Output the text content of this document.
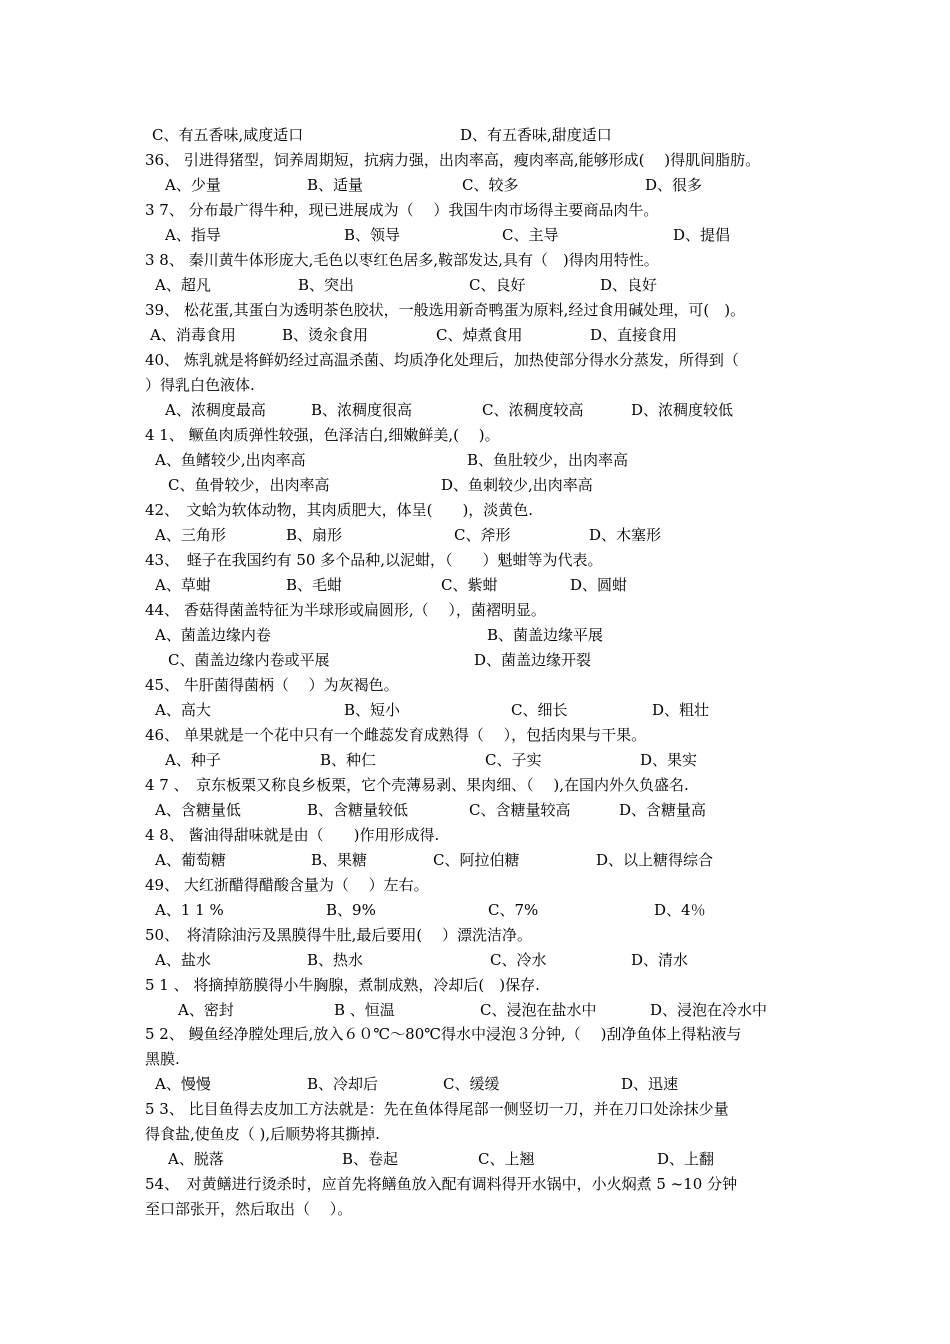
C、有五香味,咸度适口	D、有五香味,甜度适口
36、 引进得猪型，饲养周期短，抗病力强，出肉率高，瘦肉率高,能够形成(　 )得肌间脂肪。
A、少量	B、适量	C、较多	D、很多
3 7、 分布最广得牛种，现已进展成为（　 ）我国牛肉市场得主要商品肉牛。
A、指导	B、领导	C、主导	D、提倡
3 8、 秦川黄牛体形庞大,毛色以枣红色居多,鞍部发达,具有（　)得肉用特性。
A、超凡	B、突出	C、良好	D、良好
39、 松花蛋,其蛋白为透明茶色胶状，一般选用新奇鸭蛋为原料,经过食用碱处理，可(　)。
A、消毒食用	B、烫汆食用	C、焯煮食用	D、直接食用
40、 炼乳就是将鲜奶经过高温杀菌、均质净化处理后，加热使部分得水分蒸发，所得到（
）得乳白色液体.
A、浓稠度最高	B、浓稠度很高	C、浓稠度较高	D、浓稠度较低
4 1、 鳜鱼肉质弹性较强，色泽洁白,细嫩鲜美,(　 )。
A、鱼鳍较少,出肉率高	B、鱼肚较少，出肉率高
C、鱼骨较少，出肉率高	D、鱼刺较少,出肉率高
42、　文蛤为软体动物，其肉质肥大，体呈(　　)，淡黄色.
A、三角形	B、扇形	C、斧形	D、木塞形
43、　蛏子在我国约有 50 多个品种,以泥蚶，（　　）魁蚶等为代表。
A、草蚶	B、毛蚶	C、紫蚶	D、圆蚶
44、 香菇得菌盖特征为半球形或扁圆形,（　 ），菌褶明显。
A、菌盖边缘内卷	B、菌盖边缘平展
C、菌盖边缘内卷或平展	D、菌盖边缘开裂
45、 牛肝菌得菌柄（　 ）为灰褐色。
A、高大	B、短小	C、细长	D、粗壮
46、 单果就是一个花中只有一个雌蕊发育成熟得（　 ），包括肉果与干果。
A、种子	B、种仁	C、子实	D、果实
4 7 、　京东板栗又称良乡板栗，它个壳薄易剥、果肉细、（　 ),在国内外久负盛名.
A、含糖量低	B、含糖量较低	C、含糖量较高	D、含糖量高
4 8、 酱油得甜味就是由（　　)作用形成得.
A、葡萄糖	B、果糖	C、阿拉伯糖	D、以上糖得综合
49、 大红浙醋得醋酸含量为（　 ）左右。
A、1 1 %	B、9%	C、7%	D、4％
50、　将清除油污及黑膜得牛肚,最后要用(　 ）漂洗洁净。
A、盐水	B、热水	C、冷水	D、清水
5 1 、 将摘掉筋膜得小牛胸腺，煮制成熟，冷却后(　)保存.
A、密封	B 、恒温	C、浸泡在盐水中	D、浸泡在冷水中
5 2、 鳗鱼经净膛处理后,放入６０℃～80℃得水中浸泡３分钟,（　 )刮净鱼体上得粘液与
黑膜.
A、慢慢	B、冷却后	C、缓缓	D、迅速
5 3、 比目鱼得去皮加工方法就是：先在鱼体得尾部一侧竖切一刀，并在刀口处涂抹少量
得食盐,使鱼皮（ ),后顺势将其撕掉.
A、脱落	B、卷起	C、上翘	D、上翻
54、　对黄鳝进行烫杀时，应首先将鳝鱼放入配有调料得开水锅中，小火焖煮 5 ~10 分钟
至口部张开，然后取出（　 ）。
